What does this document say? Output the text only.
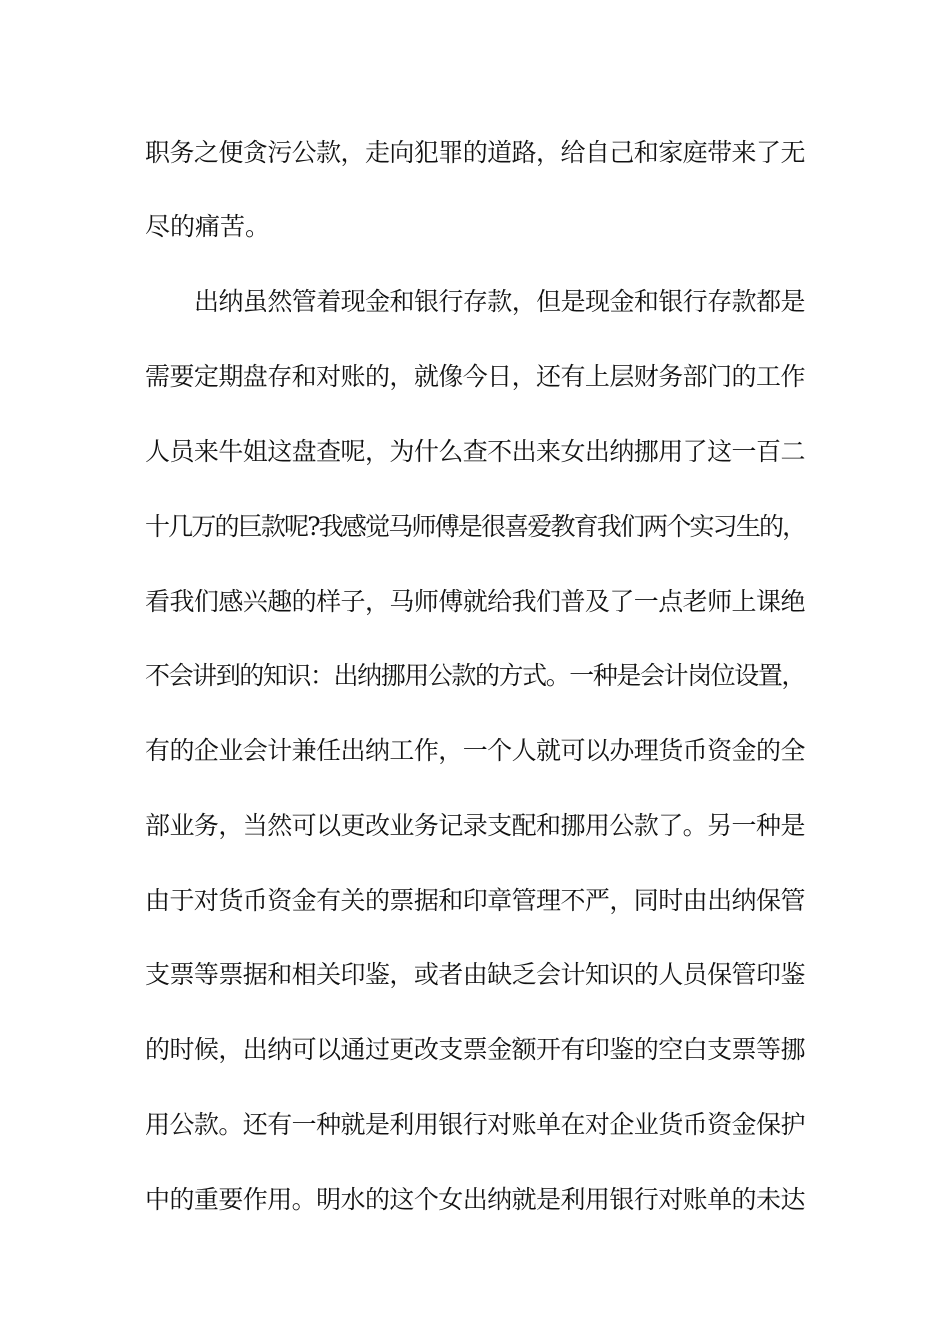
职务之便贪污公款，走向犯罪的道路，给自己和家庭带来了无
尽的痛苦。
出纳虽然管着现金和银行存款，但是现金和银行存款都是
需要定期盘存和对账的，就像今日，还有上层财务部门的工作
人员来牛姐这盘查呢，为什么查不出来女出纳挪用了这一百二
十几万的巨款呢?我感觉马师傅是很喜爱教育我们两个实习生的，
看我们感兴趣的样子，马师傅就给我们普及了一点老师上课绝
不会讲到的知识：出纳挪用公款的方式。一种是会计岗位设置，
有的企业会计兼任出纳工作，一个人就可以办理货币资金的全
部业务，当然可以更改业务记录支配和挪用公款了。另一种是
由于对货币资金有关的票据和印章管理不严，同时由出纳保管
支票等票据和相关印鉴，或者由缺乏会计知识的人员保管印鉴
的时候，出纳可以通过更改支票金额开有印鉴的空白支票等挪
用公款。还有一种就是利用银行对账单在对企业货币资金保护
中的重要作用。明水的这个女出纳就是利用银行对账单的未达
